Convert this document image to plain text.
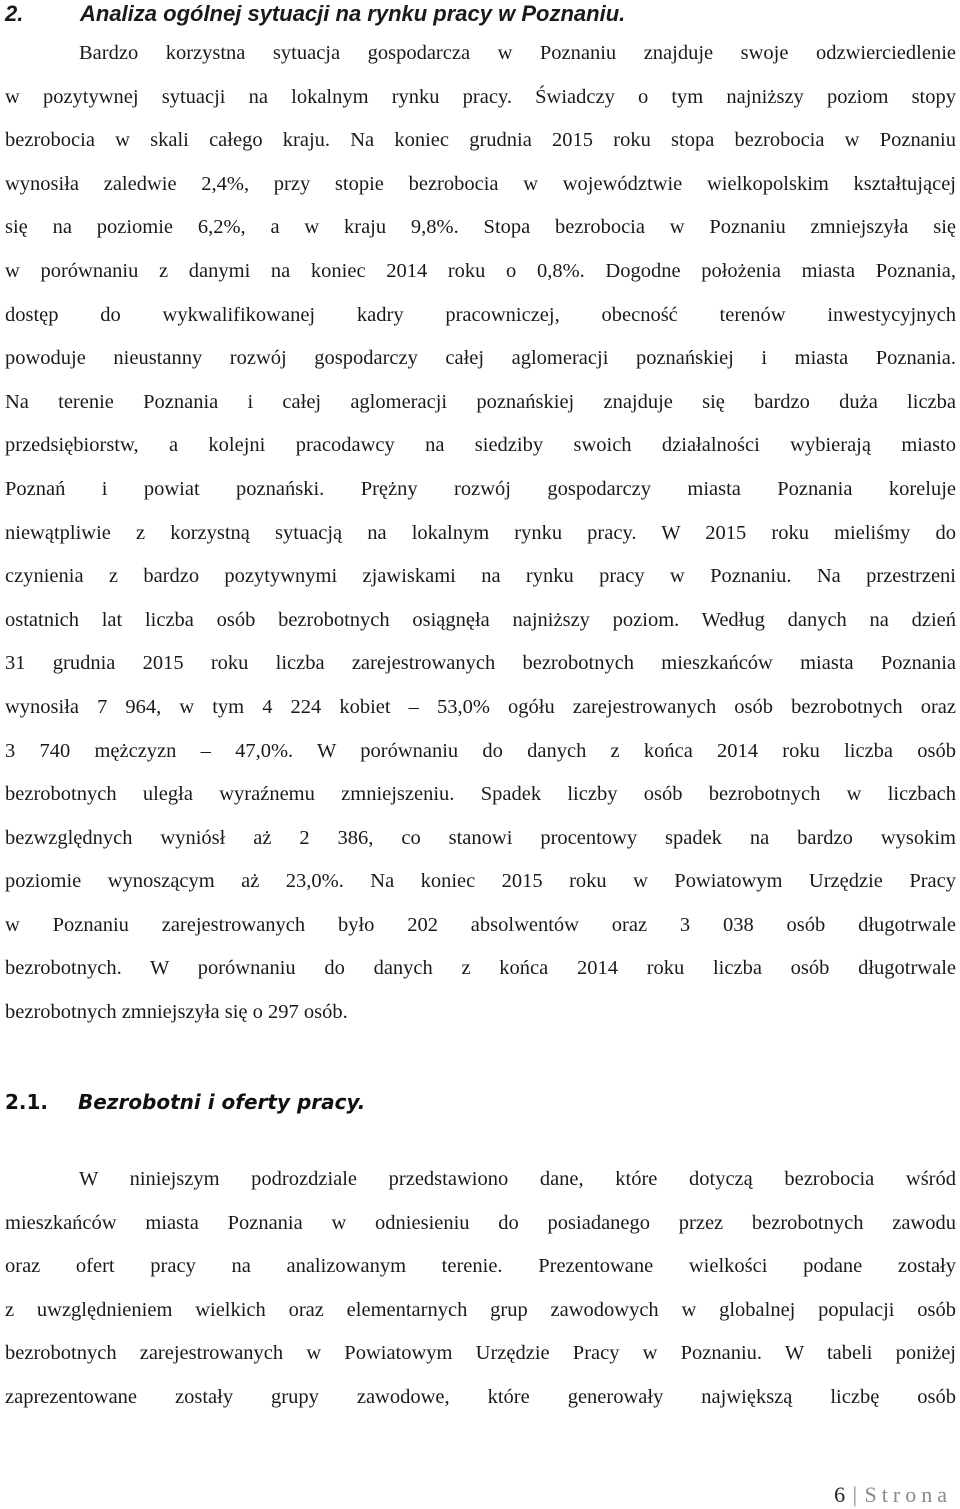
2.	Analiza ogólnej sytuacji na rynku pracy w Poznaniu.
Bardzo korzystna sytuacja gospodarcza w Poznaniu znajduje swoje odzwierciedlenie
w pozytywnej sytuacji na lokalnym rynku pracy. Świadczy o tym najniższy poziom stopy
bezrobocia w skali całego kraju. Na koniec grudnia 2015 roku stopa bezrobocia w Poznaniu
wynosiła zaledwie 2,4%, przy stopie bezrobocia w województwie wielkopolskim kształtującej
się na poziomie 6,2%, a w kraju 9,8%. Stopa bezrobocia w Poznaniu zmniejszyła się
w porównaniu z danymi na koniec 2014 roku o 0,8%. Dogodne położenia miasta Poznania,
dostęp do wykwalifikowanej kadry pracowniczej, obecność terenów inwestycyjnych
powoduje nieustanny rozwój gospodarczy całej aglomeracji poznańskiej i miasta Poznania.
Na terenie Poznania i całej aglomeracji poznańskiej znajduje się bardzo duża liczba
przedsiębiorstw, a kolejni pracodawcy na siedziby swoich działalności wybierają miasto
Poznań i powiat poznański. Prężny rozwój gospodarczy miasta Poznania koreluje
niewątpliwie z korzystną sytuacją na lokalnym rynku pracy. W 2015 roku mieliśmy do
czynienia z bardzo pozytywnymi zjawiskami na rynku pracy w Poznaniu. Na przestrzeni
ostatnich lat liczba osób bezrobotnych osiągnęła najniższy poziom. Według danych na dzień
31 grudnia 2015 roku liczba zarejestrowanych bezrobotnych mieszkańców miasta Poznania
wynosiła 7 964, w tym 4 224 kobiet – 53,0% ogółu zarejestrowanych osób bezrobotnych oraz
3 740 mężczyzn – 47,0%. W porównaniu do danych z końca 2014 roku liczba osób
bezrobotnych uległa wyraźnemu zmniejszeniu. Spadek liczby osób bezrobotnych w liczbach
bezwzględnych wyniósł aż 2 386, co stanowi procentowy spadek na bardzo wysokim
poziomie wynoszącym aż 23,0%. Na koniec 2015 roku w Powiatowym Urzędzie Pracy
w Poznaniu zarejestrowanych było 202 absolwentów oraz 3 038 osób długotrwale
bezrobotnych. W porównaniu do danych z końca 2014 roku liczba osób długotrwale
bezrobotnych zmniejszyła się o 297 osób.
2.1. Bezrobotni i oferty pracy.
W niniejszym podrozdziale przedstawiono dane, które dotyczą bezrobocia wśród
mieszkańców miasta Poznania w odniesieniu do posiadanego przez bezrobotnych zawodu
oraz ofert pracy na analizowanym terenie. Prezentowane wielkości podane zostały
z uwzględnieniem wielkich oraz elementarnych grup zawodowych w globalnej populacji osób
bezrobotnych zarejestrowanych w Powiatowym Urzędzie Pracy w Poznaniu. W tabeli poniżej
zaprezentowane zostały grupy zawodowe, które generowały największą liczbę osób
6 | Strona
